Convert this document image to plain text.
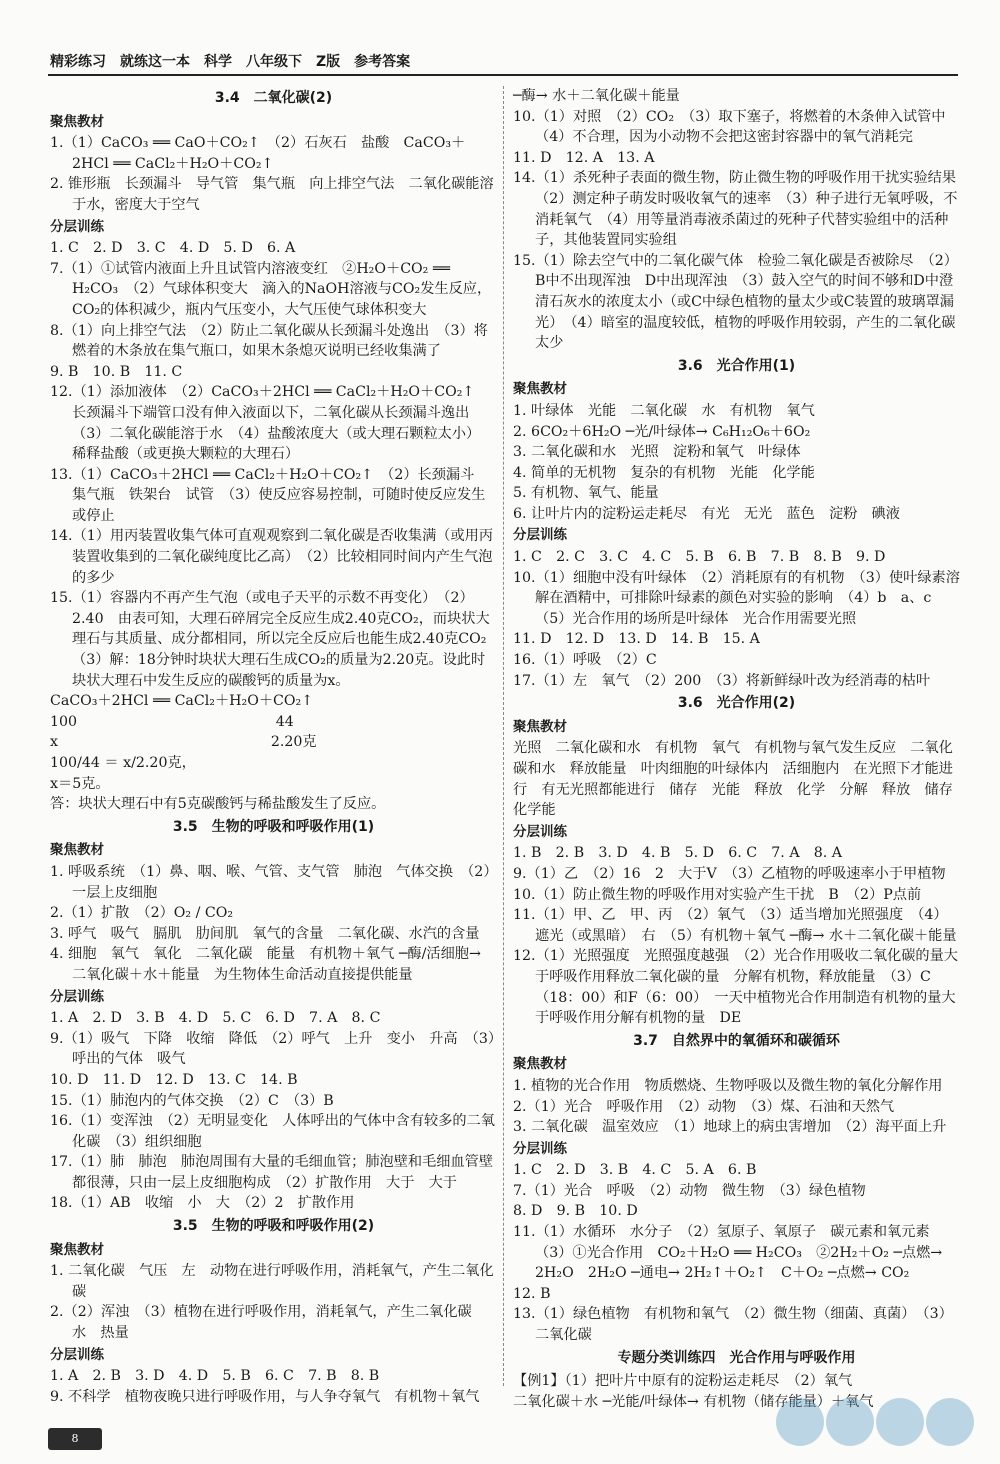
精彩练习　就练这一本　科学　八年级下　Z版　参考答案
3.4　二氧化碳(2)
聚焦教材
1.（1）CaCO₃ ══ CaO＋CO₂↑　（2）石灰石　盐酸　CaCO₃＋2HCl ══ CaCl₂＋H₂O＋CO₂↑
2. 锥形瓶　长颈漏斗　导气管　集气瓶　向上排空气法　二氧化碳能溶于水，密度大于空气
分层训练
1. C　2. D　3. C　4. D　5. D　6. A
7.（1）①试管内液面上升且试管内溶液变红　②H₂O＋CO₂ ══ H₂CO₃　（2）气球体积变大　滴入的NaOH溶液与CO₂发生反应，CO₂的体积减少，瓶内气压变小，大气压使气球体积变大
8.（1）向上排空气法　（2）防止二氧化碳从长颈漏斗处逸出　（3）将燃着的木条放在集气瓶口，如果木条熄灭说明已经收集满了
9. B　10. B　11. C
12.（1）添加液体　（2）CaCO₃＋2HCl ══ CaCl₂＋H₂O＋CO₂↑　长颈漏斗下端管口没有伸入液面以下，二氧化碳从长颈漏斗逸出　（3）二氧化碳能溶于水　（4）盐酸浓度大（或大理石颗粒太小）　稀释盐酸（或更换大颗粒的大理石）
13.（1）CaCO₃＋2HCl ══ CaCl₂＋H₂O＋CO₂↑　（2）长颈漏斗　集气瓶　铁架台　试管　（3）使反应容易控制，可随时使反应发生或停止
14.（1）用丙装置收集气体可直观观察到二氧化碳是否收集满（或用丙装置收集到的二氧化碳纯度比乙高）　（2）比较相同时间内产生气泡的多少
15.（1）容器内不再产生气泡（或电子天平的示数不再变化）　（2）2.40　由表可知，大理石碎屑完全反应生成2.40克CO₂，而块状大理石与其质量、成分都相同，所以完全反应后也能生成2.40克CO₂　（3）解：18分钟时块状大理石生成CO₂的质量为2.20克。设此时块状大理石中发生反应的碳酸钙的质量为x。
CaCO₃＋2HCl ══ CaCl₂＋H₂O＋CO₂↑
100　　　　　　　　　　　　　　44
x　　　　　　　　　　　　　　　2.20克
100/44 ＝ x/2.20克，
x＝5克。
答：块状大理石中有5克碳酸钙与稀盐酸发生了反应。
3.5　生物的呼吸和呼吸作用(1)
聚焦教材
1. 呼吸系统　（1）鼻、咽、喉、气管、支气管　肺泡　气体交换　（2）一层上皮细胞
2.（1）扩散　（2）O₂ / CO₂
3. 呼气　吸气　膈肌　肋间肌　氧气的含量　二氧化碳、水汽的含量
4. 细胞　氧气　氧化　二氧化碳　能量　有机物＋氧气 ─酶/活细胞→ 二氧化碳＋水＋能量　为生物体生命活动直接提供能量
分层训练
1. A　2. D　3. B　4. D　5. C　6. D　7. A　8. C
9.（1）吸气　下降　收缩　降低　（2）呼气　上升　变小　升高　（3）呼出的气体　吸气
10. D　11. D　12. D　13. C　14. B
15.（1）肺泡内的气体交换　（2）C　（3）B
16.（1）变浑浊　（2）无明显变化　人体呼出的气体中含有较多的二氧化碳　（3）组织细胞
17.（1）肺　肺泡　肺泡周围有大量的毛细血管；肺泡壁和毛细血管壁都很薄，只由一层上皮细胞构成　（2）扩散作用　大于　大于
18.（1）AB　收缩　小　大　（2）2　扩散作用
3.5　生物的呼吸和呼吸作用(2)
聚焦教材
1. 二氧化碳　气压　左　动物在进行呼吸作用，消耗氧气，产生二氧化碳
2.（2）浑浊　（3）植物在进行呼吸作用，消耗氧气，产生二氧化碳　水　热量
分层训练
1. A　2. B　3. D　4. D　5. B　6. C　7. B　8. B
9. 不科学　植物夜晚只进行呼吸作用，与人争夺氧气　有机物＋氧气
─酶→ 水＋二氧化碳＋能量
10.（1）对照　（2）CO₂　（3）取下塞子，将燃着的木条伸入试管中　（4）不合理，因为小动物不会把这密封容器中的氧气消耗完
11. D　12. A　13. A
14.（1）杀死种子表面的微生物，防止微生物的呼吸作用干扰实验结果　（2）测定种子萌发时吸收氧气的速率　（3）种子进行无氧呼吸，不消耗氧气　（4）用等量消毒液杀菌过的死种子代替实验组中的活种子，其他装置同实验组
15.（1）除去空气中的二氧化碳气体　检验二氧化碳是否被除尽　（2）B中不出现浑浊　D中出现浑浊　（3）鼓入空气的时间不够和D中澄清石灰水的浓度太小（或C中绿色植物的量太少或C装置的玻璃罩漏光）　（4）暗室的温度较低，植物的呼吸作用较弱，产生的二氧化碳太少
3.6　光合作用(1)
聚焦教材
1. 叶绿体　光能　二氧化碳　水　有机物　氧气
2. 6CO₂＋6H₂O ─光/叶绿体→ C₆H₁₂O₆＋6O₂
3. 二氧化碳和水　光照　淀粉和氧气　叶绿体
4. 简单的无机物　复杂的有机物　光能　化学能
5. 有机物、氧气、能量
6. 让叶片内的淀粉运走耗尽　有光　无光　蓝色　淀粉　碘液
分层训练
1. C　2. C　3. C　4. C　5. B　6. B　7. B　8. B　9. D
10.（1）细胞中没有叶绿体　（2）消耗原有的有机物　（3）使叶绿素溶解在酒精中，可排除叶绿素的颜色对实验的影响　（4）b　a、c　（5）光合作用的场所是叶绿体　光合作用需要光照
11. D　12. D　13. D　14. B　15. A
16.（1）呼吸　（2）C
17.（1）左　氧气　（2）200　（3）将新鲜绿叶改为经消毒的枯叶
3.6　光合作用(2)
聚焦教材
光照　二氧化碳和水　有机物　氧气　有机物与氧气发生反应　二氧化碳和水　释放能量　叶肉细胞的叶绿体内　活细胞内　在光照下才能进行　有无光照都能进行　储存　光能　释放　化学　分解　释放　储存　化学能
分层训练
1. B　2. B　3. D　4. B　5. D　6. C　7. A　8. A
9.（1）乙　（2）16　2　大于V　（3）乙植物的呼吸速率小于甲植物
10.（1）防止微生物的呼吸作用对实验产生干扰　B　（2）P点前
11.（1）甲、乙　甲、丙　（2）氧气　（3）适当增加光照强度　（4）遮光（或黑暗）　右　（5）有机物＋氧气 ─酶→ 水＋二氧化碳＋能量
12.（1）光照强度　光照强度越强　（2）光合作用吸收二氧化碳的量大于呼吸作用释放二氧化碳的量　分解有机物，释放能量　（3）C（18：00）和F（6：00）　一天中植物光合作用制造有机物的量大于呼吸作用分解有机物的量　DE
3.7　自然界中的氧循环和碳循环
聚焦教材
1. 植物的光合作用　物质燃烧、生物呼吸以及微生物的氧化分解作用
2.（1）光合　呼吸作用　（2）动物　（3）煤、石油和天然气
3. 二氧化碳　温室效应　（1）地球上的病虫害增加　（2）海平面上升
分层训练
1. C　2. D　3. B　4. C　5. A　6. B
7.（1）光合　呼吸　（2）动物　微生物　（3）绿色植物
8. D　9. B　10. D
11.（1）水循环　水分子　（2）氢原子、氧原子　碳元素和氧元素　（3）①光合作用　CO₂＋H₂O ══ H₂CO₃　②2H₂＋O₂ ─点燃→ 2H₂O　2H₂O ─通电→ 2H₂↑＋O₂↑　C＋O₂ ─点燃→ CO₂
12. B
13.（1）绿色植物　有机物和氧气　（2）微生物（细菌、真菌）　（3）二氧化碳
专题分类训练四　光合作用与呼吸作用
【例1】（1）把叶片中原有的淀粉运走耗尽　（2）氧气
二氧化碳＋水 ─光能/叶绿体→ 有机物（储存能量）＋氧气
8
